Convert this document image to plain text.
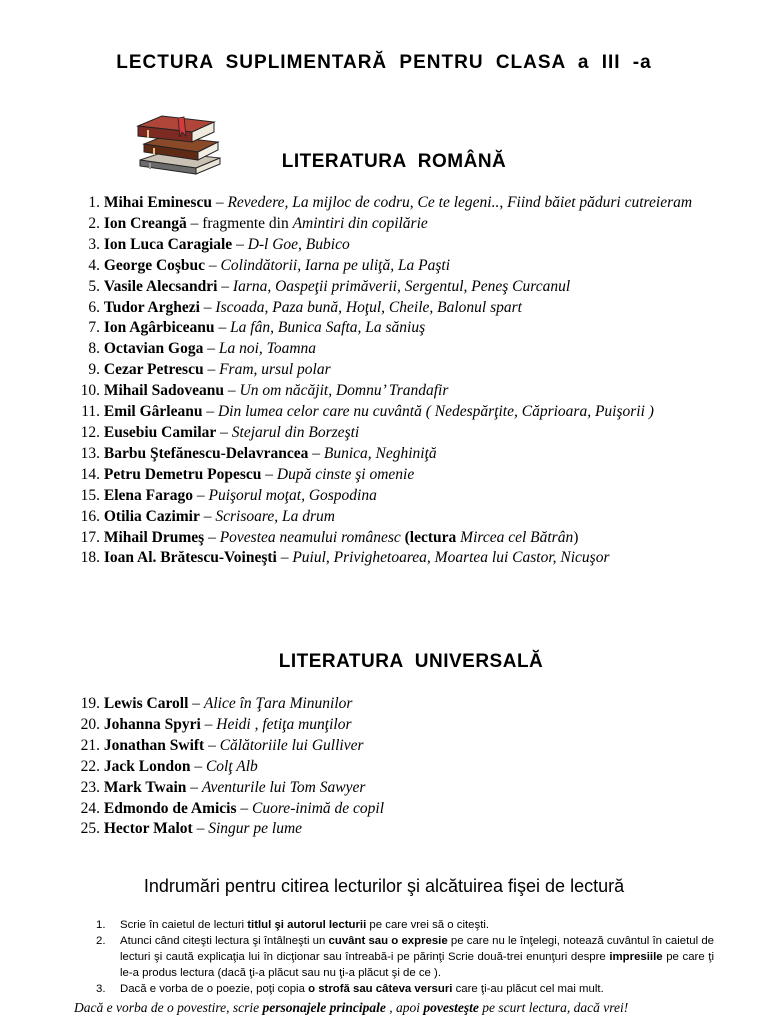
LECTURA SUPLIMENTARĂ PENTRU CLASA a III -a
LITERATURA ROMÂNĂ
1. Mihai Eminescu – Revedere, La mijloc de codru, Ce te legeni.., Fiind băiet păduri cutreieram
2. Ion Creangă – fragmente din Amintiri din copilărie
3. Ion Luca Caragiale – D-l Goe, Bubico
4. George Coşbuc – Colindătorii, Iarna pe uliţă, La Paşti
5. Vasile Alecsandri – Iarna, Oaspeţii primăverii, Sergentul, Peneş Curcanul
6. Tudor Arghezi – Iscoada, Paza bună, Hoţul, Cheile, Balonul spart
7. Ion Agârbiceanu – La fân, Bunica Safta, La săniuş
8. Octavian Goga – La noi, Toamna
9. Cezar Petrescu – Fram, ursul polar
10. Mihail Sadoveanu – Un om năcăjit, Domnu’ Trandafir
11. Emil Gârleanu – Din lumea celor care nu cuvântă ( Nedespărţite, Căprioara, Puişorii )
12. Eusebiu Camilar – Stejarul din Borzeşti
13. Barbu Ştefănescu-Delavrancea – Bunica, Neghiniţă
14. Petru Demetru Popescu – După cinste şi omenie
15. Elena Farago – Puişorul moţat, Gospodina
16. Otilia Cazimir – Scrisoare, La drum
17. Mihail Drumeş – Povestea neamului românesc (lectura Mircea cel Bătrân)
18. Ioan Al. Brătescu-Voineşti – Puiul, Privighetoarea, Moartea lui Castor, Nicuşor
LITERATURA UNIVERSALĂ
19. Lewis Caroll – Alice în Ţara Minunilor
20. Johanna Spyri – Heidi , fetiţa munţilor
21. Jonathan Swift – Călătoriile lui Gulliver
22. Jack London – Colţ Alb
23. Mark Twain – Aventurile lui Tom Sawyer
24. Edmondo de Amicis – Cuore-inimă de copil
25. Hector Malot – Singur pe lume
Indrumări pentru citirea lecturilor şi alcătuirea fişei de lectură
1. Scrie în caietul de lecturi titlul şi autorul lecturii pe care vrei să o citeşti.
2. Atunci când citeşti lectura şi întâlneşti un cuvânt sau o expresie pe care nu le înţelegi, notează cuvântul în caietul de lecturi şi caută explicaţia lui în dicţionar sau întreabă-i pe părinţi Scrie două-trei enunţuri despre impresiile pe care ţi le-a produs lectura (dacă ţi-a plăcut sau nu ţi-a plăcut şi de ce ).
3. Dacă e vorba de o poezie, poţi copia o strofă sau câteva versuri care ţi-au plăcut cel mai mult.
Dacă e vorba de o povestire, scrie personajele principale , apoi povesteşte pe scurt lectura, dacă vrei!
